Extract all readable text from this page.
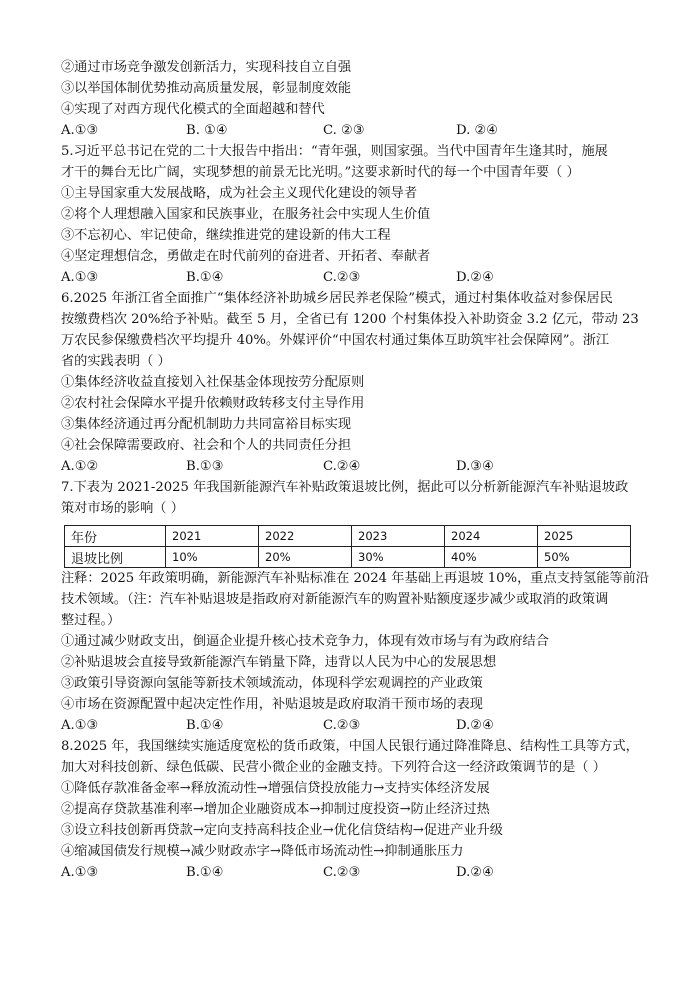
②通过市场竞争激发创新活力，实现科技自立自强
③以举国体制优势推动高质量发展，彰显制度效能
④实现了对西方现代化模式的全面超越和替代
A.①③	B. ①④	C. ②③	D. ②④
5.习近平总书记在党的二十大报告中指出：“青年强，则国家强。当代中国青年生逢其时，施展
才干的舞台无比广阔，实现梦想的前景无比光明。”这要求新时代的每一个中国青年要（ ）
①主导国家重大发展战略，成为社会主义现代化建设的领导者
②将个人理想融入国家和民族事业，在服务社会中实现人生价值
③不忘初心、牢记使命，继续推进党的建设新的伟大工程
④坚定理想信念，勇做走在时代前列的奋进者、开拓者、奉献者
A.①③	B.①④	C.②③	D.②④
6.2025 年浙江省全面推广“集体经济补助城乡居民养老保险”模式，通过村集体收益对参保居民
按缴费档次 20%给予补贴。截至 5 月，全省已有 1200 个村集体投入补助资金 3.2 亿元，带动 23
万农民参保缴费档次平均提升 40%。外媒评价“中国农村通过集体互助筑牢社会保障网”。浙江
省的实践表明（ ）
①集体经济收益直接划入社保基金体现按劳分配原则
②农村社会保障水平提升依赖财政转移支付主导作用
③集体经济通过再分配机制助力共同富裕目标实现
④社会保障需要政府、社会和个人的共同责任分担
A.①②	B.①③	C.②④	D.③④
7.下表为 2021-2025 年我国新能源汽车补贴政策退坡比例，据此可以分析新能源汽车补贴退坡政
策对市场的影响（ ）
年份	2021	2022	2023	2024	2025
退坡比例	10%	20%	30%	40%	50%
注释：2025 年政策明确，新能源汽车补贴标准在 2024 年基础上再退坡 10%，重点支持氢能等前沿
技术领域。（注：汽车补贴退坡是指政府对新能源汽车的购置补贴额度逐步减少或取消的政策调
整过程。）
①通过减少财政支出，倒逼企业提升核心技术竞争力，体现有效市场与有为政府结合
②补贴退坡会直接导致新能源汽车销量下降，违背以人民为中心的发展思想
③政策引导资源向氢能等新技术领域流动，体现科学宏观调控的产业政策
④市场在资源配置中起决定性作用，补贴退坡是政府取消干预市场的表现
A.①③	B.①④	C.②③	D.②④
8.2025 年，我国继续实施适度宽松的货币政策，中国人民银行通过降准降息、结构性工具等方式，
加大对科技创新、绿色低碳、民营小微企业的金融支持。下列符合这一经济政策调节的是（ ）
①降低存款准备金率→释放流动性→增强信贷投放能力→支持实体经济发展
②提高存贷款基准利率→增加企业融资成本→抑制过度投资→防止经济过热
③设立科技创新再贷款→定向支持高科技企业→优化信贷结构→促进产业升级
④缩减国债发行规模→减少财政赤字→降低市场流动性→抑制通胀压力
A.①③	B.①④	C.②③	D.②④
